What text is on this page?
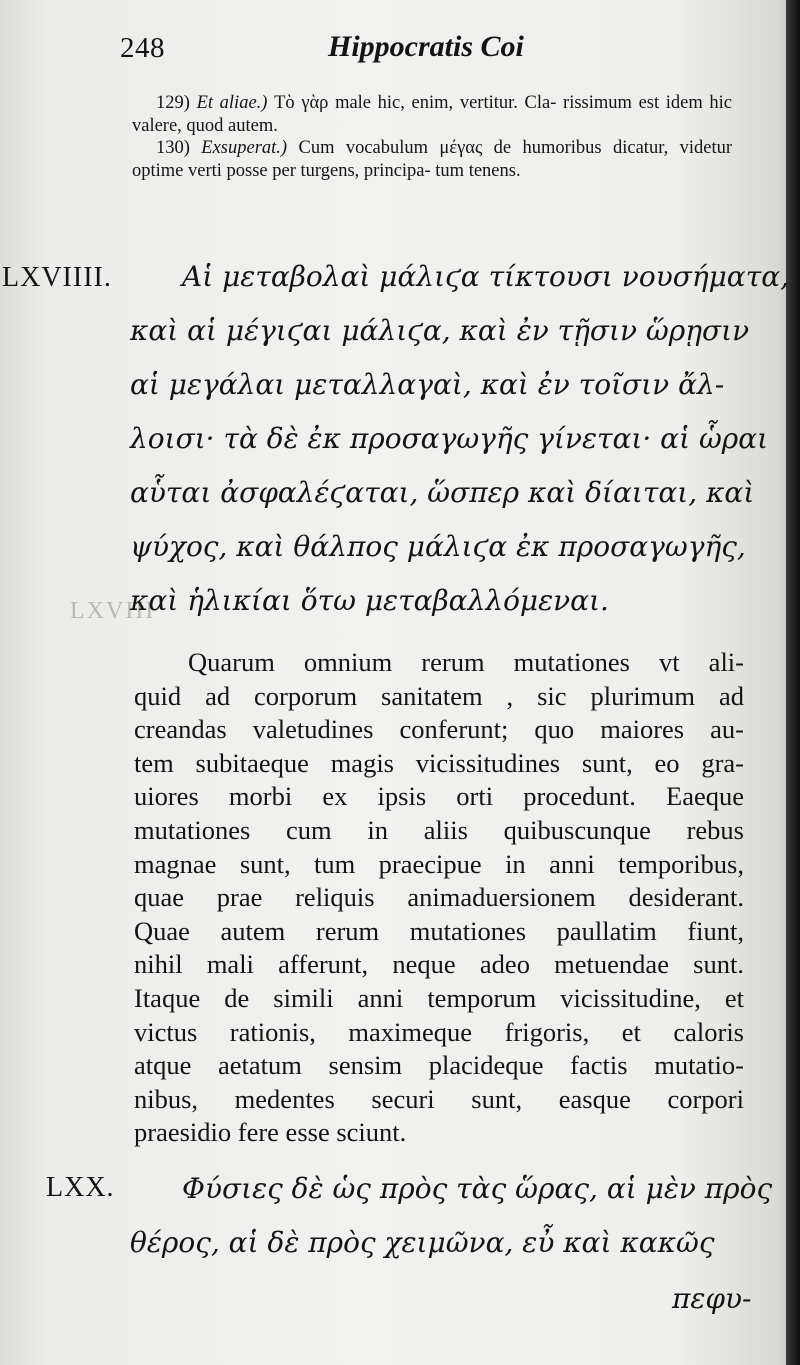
LXVIII
248	Hippocratis Coi

129) Et aliae.) Τὸ γὰρ male hic, enim, vertitur. Cla- rissimum est idem hic valere, quod autem.

130) Exsuperat.) Cum vocabulum μέγας de humoribus dicatur, videtur optime verti posse per turgens, principa- tum tenens.

LXVIIII.	Αἱ μεταβολαὶ μάλιϛα τίκτουσι νουσήματα,
καὶ αἱ μέγιϛαι μάλιϛα, καὶ ἐν τῇσιν ὥρῃσιν
αἱ μεγάλαι μεταλλαγαὶ, καὶ ἐν τοῖσιν ἄλ-
λοισι· τὰ δὲ ἐκ προσαγωγῆς γίνεται· αἱ ὧραι
αὗται ἀσφαλέϛαται, ὥσπερ καὶ δίαιται, καὶ
ψύχος, καὶ θάλπος μάλιϛα ἐκ προσαγωγῆς,
καὶ ἡλικίαι ὅτω μεταβαλλόμεναι.
Quarum omnium rerum mutationes vt ali-
quid ad corporum sanitatem , sic plurimum ad
creandas valetudines conferunt; quo maiores au-
tem subitaeque magis vicissitudines sunt, eo gra-
uiores morbi ex ipsis orti procedunt. Eaeque
mutationes cum in aliis quibuscunque rebus
magnae sunt, tum praecipue in anni temporibus,
quae prae reliquis animaduersionem desiderant.
Quae autem rerum mutationes paullatim fiunt,
nihil mali afferunt, neque adeo metuendae sunt.
Itaque de simili anni temporum vicissitudine, et
victus rationis, maximeque frigoris, et caloris
atque aetatum sensim placideque factis mutatio-
nibus, medentes securi sunt, easque corpori
praesidio fere esse sciunt.
LXX.	Φύσιες δὲ ὡς πρὸς τὰς ὥρας, αἱ μὲν πρὸς
θέρος, αἱ δὲ πρὸς χειμῶνα, εὖ καὶ κακῶς
πεφυ-
